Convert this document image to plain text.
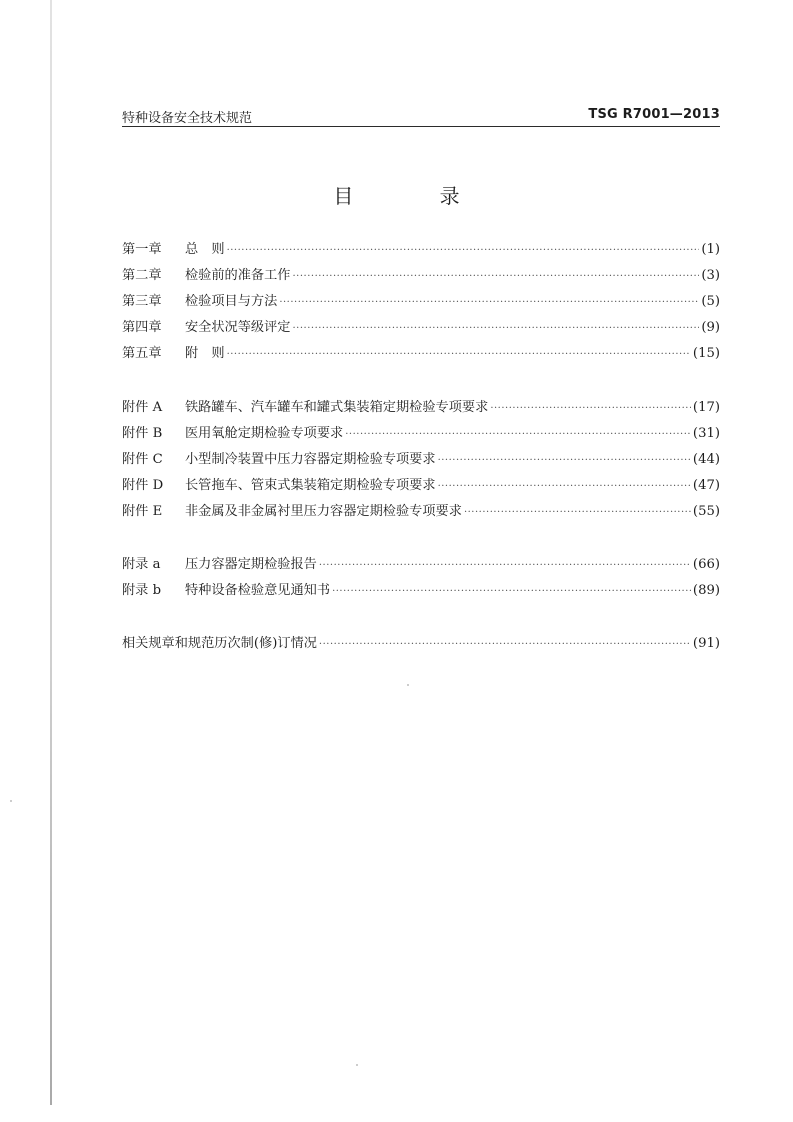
特种设备安全技术规范	TSG R7001—2013
目 录
第一章	总　则 ·····	(1)
第二章	检验前的准备工作 ·····	(3)
第三章	检验项目与方法 ·····	(5)
第四章	安全状况等级评定 ·····	(9)
第五章	附　则 ·····	(15)
附件 A	铁路罐车、汽车罐车和罐式集装箱定期检验专项要求 ·····	(17)
附件 B	医用氧舱定期检验专项要求 ·····	(31)
附件 C	小型制冷装置中压力容器定期检验专项要求 ·····	(44)
附件 D	长管拖车、管束式集装箱定期检验专项要求 ·····	(47)
附件 E	非金属及非金属衬里压力容器定期检验专项要求 ·····	(55)
附录 a	压力容器定期检验报告 ·····	(66)
附录 b	特种设备检验意见通知书 ·····	(89)
相关规章和规范历次制(修)订情况 ·····	(91)
